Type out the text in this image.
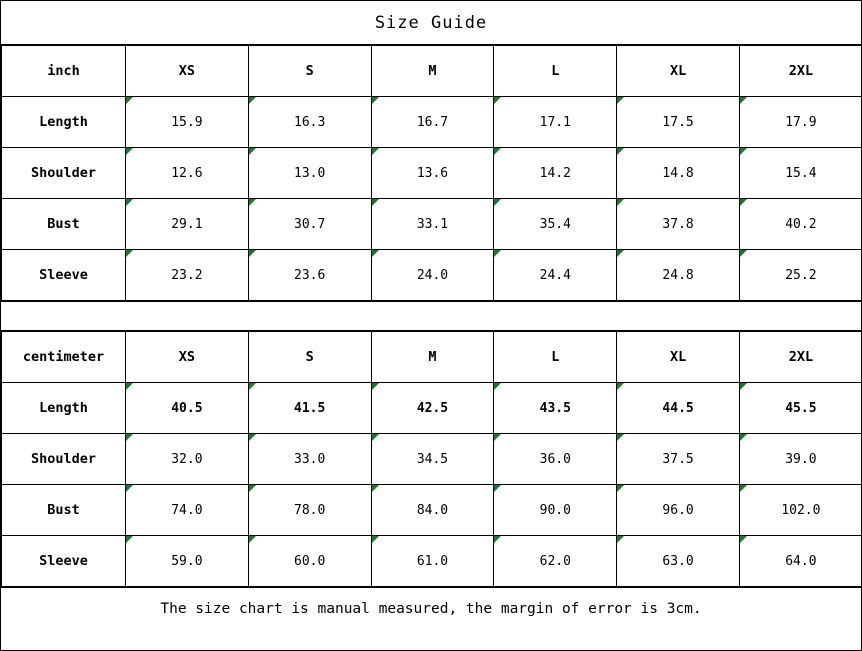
Size Guide
inch	XS	S	M	L	XL	2XL
Length	15.9	16.3	16.7	17.1	17.5	17.9
Shoulder	12.6	13.0	13.6	14.2	14.8	15.4
Bust	29.1	30.7	33.1	35.4	37.8	40.2
Sleeve	23.2	23.6	24.0	24.4	24.8	25.2
centimeter	XS	S	M	L	XL	2XL
Length	40.5	41.5	42.5	43.5	44.5	45.5
Shoulder	32.0	33.0	34.5	36.0	37.5	39.0
Bust	74.0	78.0	84.0	90.0	96.0	102.0
Sleeve	59.0	60.0	61.0	62.0	63.0	64.0
The size chart is manual measured, the margin of error is 3cm.
